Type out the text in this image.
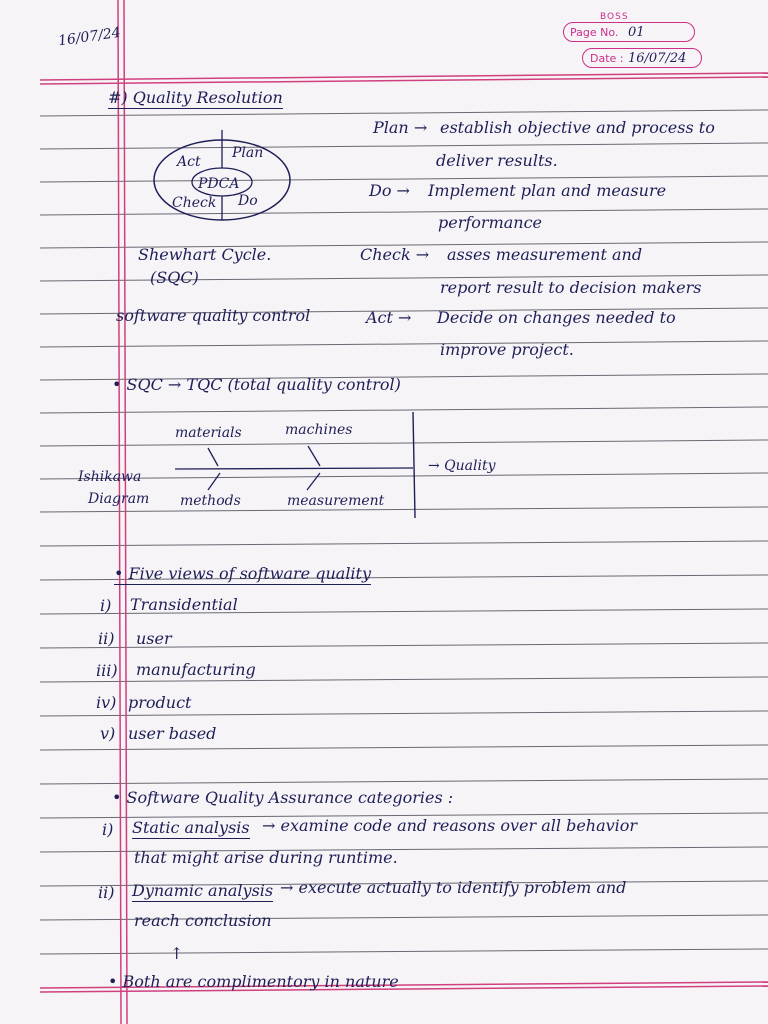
16/07/24
BOSS
Page No. 01
Date : 16/07/24
#) Quality Resolution
Act
Plan
PDCA
Check Do
Plan → establish objective and process to
deliver results.
Do → Implement plan and measure
performance
Check → asses measurement and
report result to decision makers
Act → Decide on changes needed to
improve project.
Shewhart Cycle.
(SQC)
software quality control
• SQC → TQC (total quality control)
materials	machines
Ishikawa
Diagram methods	measurement
→ Quality
• Five views of software quality
i) Transidential
ii) user
iii) manufacturing
iv) product
v) user based
• Software Quality Assurance categories :
i) Static analysis → examine code and reasons over all behavior
that might arise during runtime.
ii) Dynamic analysis → execute actually to identify problem and
reach conclusion
↑
• Both are complimentory in nature
